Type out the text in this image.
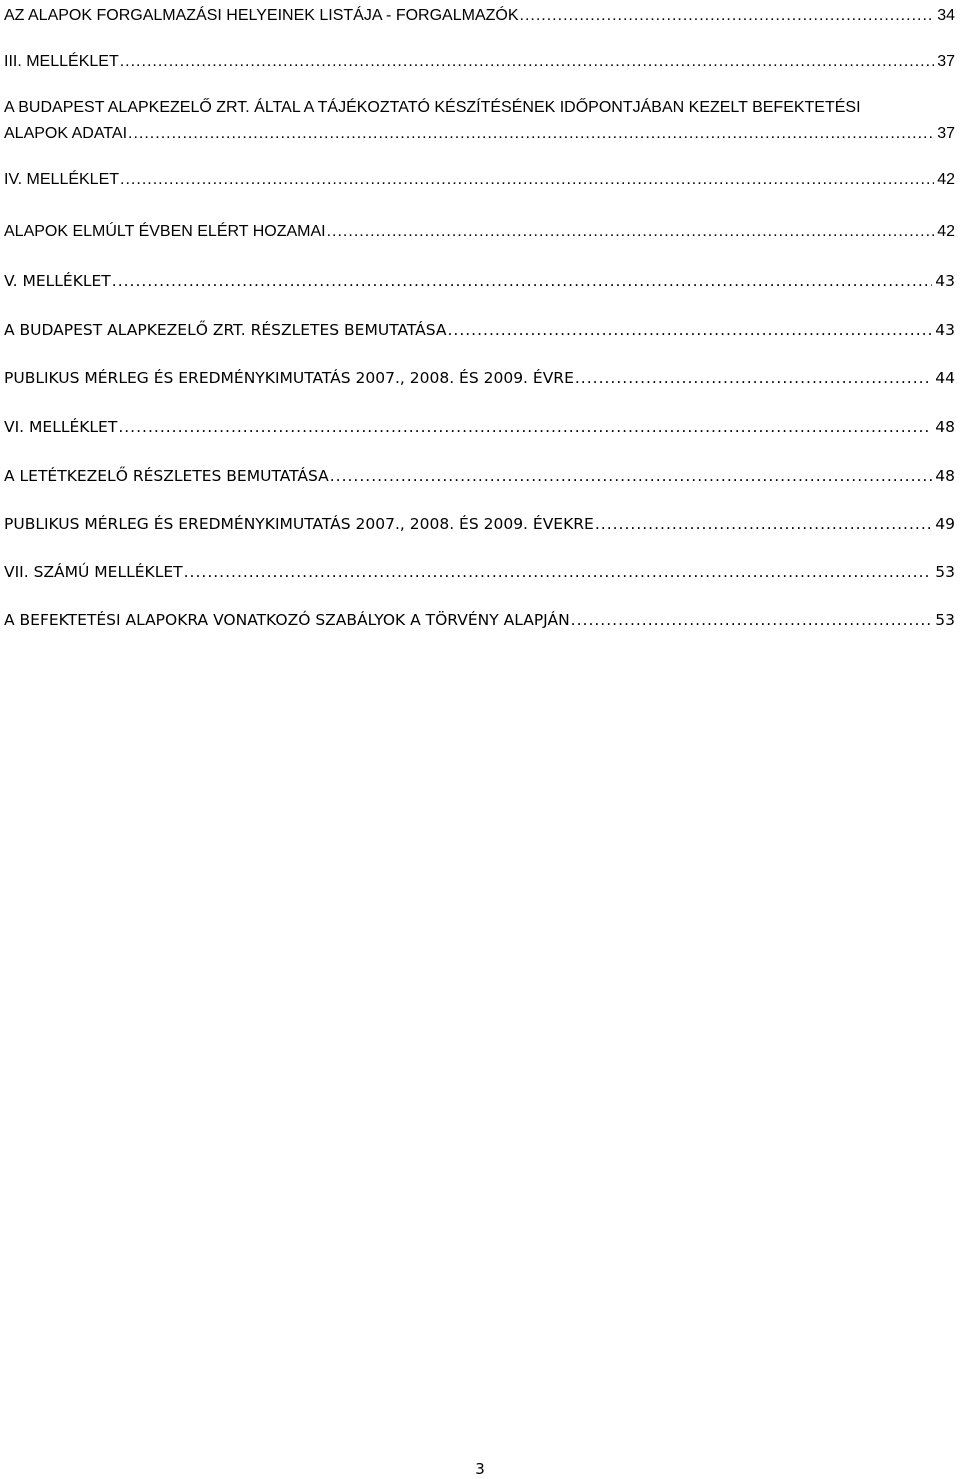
AZ ALAPOK FORGALMAZÁSI HELYEINEK LISTÁJA - FORGALMAZÓK .....	34
III. MELLÉKLET .....	37
A BUDAPEST ALAPKEZELŐ ZRT. ÁLTAL A TÁJÉKOZTATÓ KÉSZÍTÉSÉNEK IDŐPONTJÁBAN KEZELT BEFEKTETÉSI
ALAPOK ADATAI .....	37
IV. MELLÉKLET .....	42
ALAPOK ELMÚLT ÉVBEN ELÉRT HOZAMAI .....	42
V. MELLÉKLET .....	43
A BUDAPEST ALAPKEZELŐ ZRT. RÉSZLETES BEMUTATÁSA .....	43
PUBLIKUS MÉRLEG ÉS EREDMÉNYKIMUTATÁS 2007., 2008. ÉS 2009. ÉVRE .....	44
VI. MELLÉKLET .....	48
A LETÉTKEZELŐ RÉSZLETES BEMUTATÁSA .....	48
PUBLIKUS MÉRLEG ÉS EREDMÉNYKIMUTATÁS 2007., 2008. ÉS 2009. ÉVEKRE .....	49
VII. SZÁMÚ MELLÉKLET .....	53
A BEFEKTETÉSI ALAPOKRA VONATKOZÓ SZABÁLYOK A TÖRVÉNY ALAPJÁN .....	53
3
